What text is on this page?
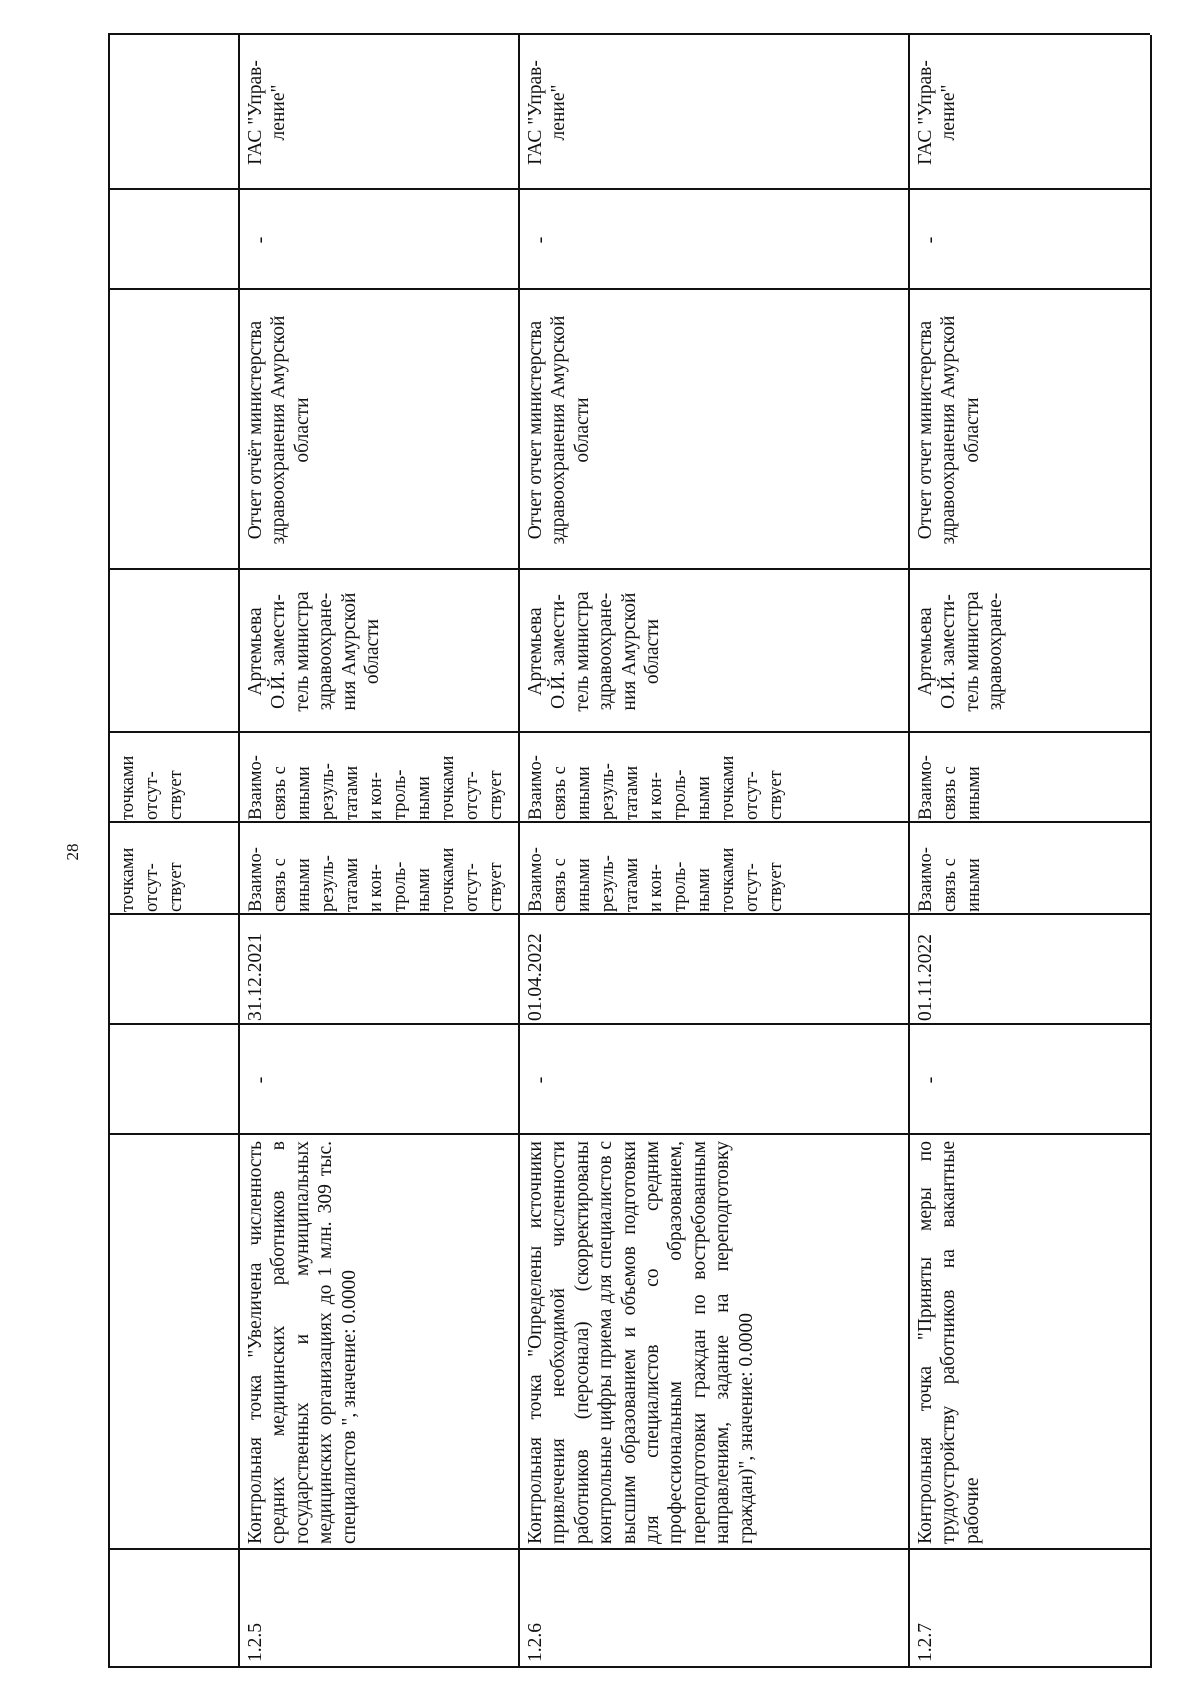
28
1.2.5
Контрольная точка "Увеличена численность средних медицинских работников в государственных и муниципальных медицинских организациях до 1 млн. 309 тыс. специалистов ", значение: 0.0000
-
31.12.2021
Взаимо-
связь с
иными
резуль-
татами
и кон-
троль-
ными
точками
отсут-
ствует
Взаимо-
связь с
иными
резуль-
татами
и кон-
троль-
ными
точками
отсут-
ствует
Артемьева
О.Й. замести-
тель министра
здравоохране-
ния Амурской
области
Отчет отчёт министерства
здравоохранения Амурской
области
-
ГАС "Управ-
ление"
1.2.6
Контрольная точка "Определены источники привлечения необходимой численности работников (персонала) (скорректированы контрольные цифры приема для специалистов с высшим образованием и объемов подготовки для специалистов со средним профессиональным образованием, переподготовки граждан по востребованным направлениям, задание на переподготовку граждан)", значение: 0.0000
-
01.04.2022
Взаимо-
связь с
иными
резуль-
татами
и кон-
троль-
ными
точками
отсут-
ствует
Взаимо-
связь с
иными
резуль-
татами
и кон-
троль-
ными
точками
отсут-
ствует
Артемьева
О.Й. замести-
тель министра
здравоохране-
ния Амурской
области
Отчет отчет министерства
здравоохранения Амурской
области
-
ГАС "Управ-
ление"
1.2.7
Контрольная точка "Приняты меры по трудоустройству работников на вакантные рабочие
-
01.11.2022
Взаимо-
связь с
иными
Взаимо-
связь с
иными
Артемьева
О.Й. замести-
тель министра
здравоохране-
Отчет отчет министерства
здравоохранения Амурской
области
-
ГАС "Управ-
ление"
точками
отсут-
ствует
точками
отсут-
ствует
